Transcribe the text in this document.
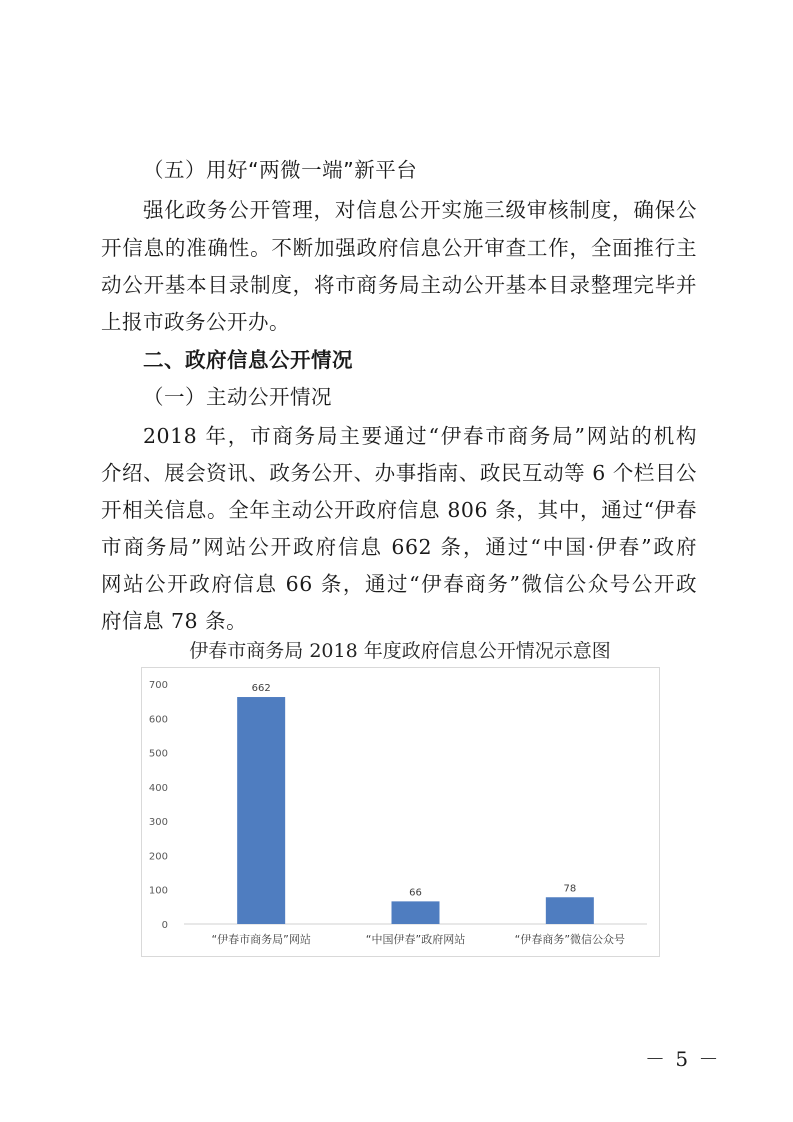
（五）用好“两微一端”新平台
强化政务公开管理，对信息公开实施三级审核制度，确保公
开信息的准确性。不断加强政府信息公开审查工作，全面推行主
动公开基本目录制度，将市商务局主动公开基本目录整理完毕并
上报市政务公开办。
二、政府信息公开情况
（一）主动公开情况
2018 年，市商务局主要通过“伊春市商务局”网站的机构
介绍、展会资讯、政务公开、办事指南、政民互动等 6 个栏目公
开相关信息。全年主动公开政府信息 806 条，其中，通过“伊春
市商务局”网站公开政府信息 662 条，通过“中国·伊春”政府
网站公开政府信息 66 条，通过“伊春商务”微信公众号公开政
府信息 78 条。
伊春市商务局 2018 年度政府信息公开情况示意图
0
100
200
300
400
500
600
700	662
“伊春市商务局”网站
66
“中国伊春”政府网站
78
“伊春商务”微信公众号
－ 5 －
